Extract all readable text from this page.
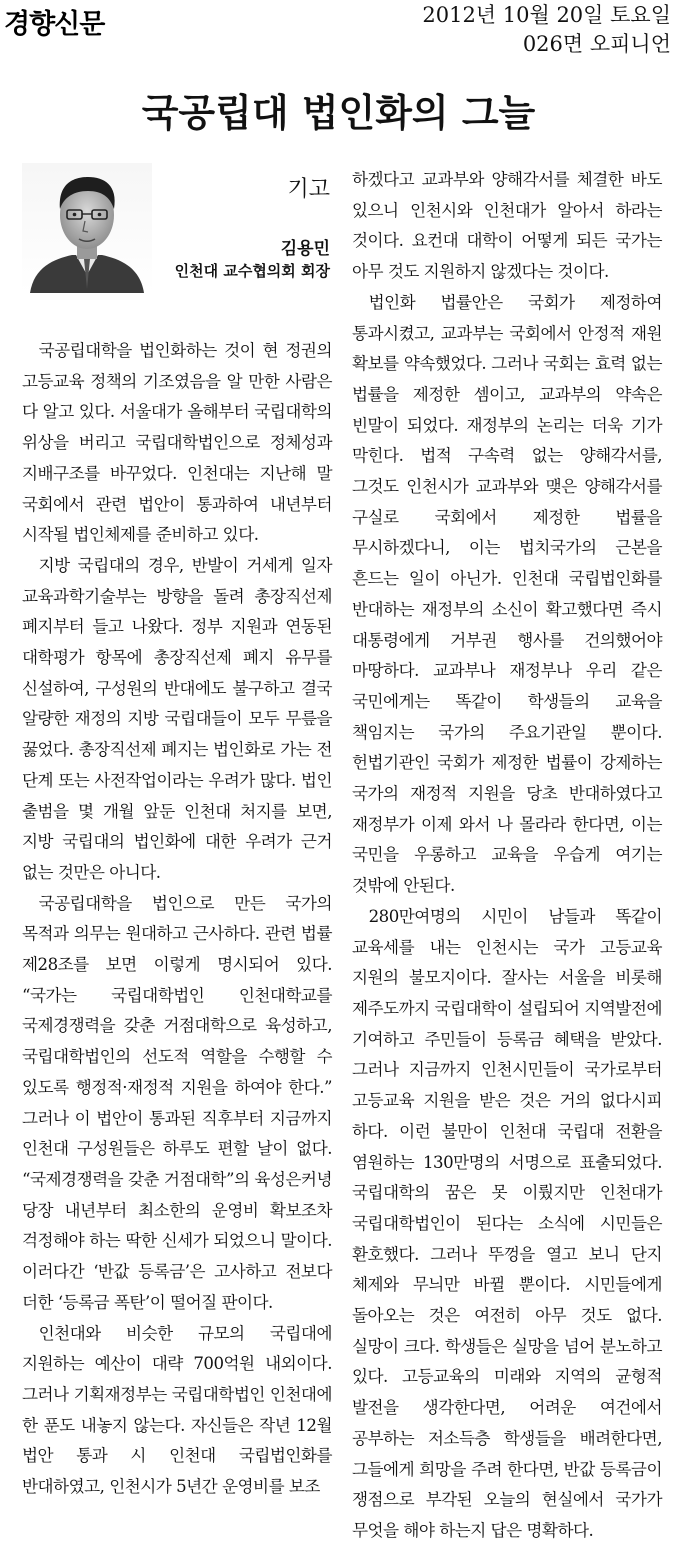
경향신문	2012년 10월 20일 토요일
026면 오피니언
국공립대 법인화의 그늘
기고
김용민
인천대 교수협의회 회장

국공립대학을 법인화하는 것이 현 정권의 고등교육 정책의 기조였음을 알 만한 사람은 다 알고 있다. 서울대가 올해부터 국립대학의 위상을 버리고 국립대학법인으로 정체성과 지배구조를 바꾸었다. 인천대는 지난해 말 국회에서 관련 법안이 통과하여 내년부터 시작될 법인체제를 준비하고 있다.

지방 국립대의 경우, 반발이 거세게 일자 교육과학기술부는 방향을 돌려 총장직선제 폐지부터 들고 나왔다. 정부 지원과 연동된 대학평가 항목에 총장직선제 폐지 유무를 신설하여, 구성원의 반대에도 불구하고 결국 알량한 재정의 지방 국립대들이 모두 무릎을 꿇었다. 총장직선제 폐지는 법인화로 가는 전 단계 또는 사전작업이라는 우려가 많다. 법인 출범을 몇 개월 앞둔 인천대 처지를 보면, 지방 국립대의 법인화에 대한 우려가 근거 없는 것만은 아니다.

국공립대학을 법인으로 만든 국가의 목적과 의무는 원대하고 근사하다. 관련 법률 제28조를 보면 이렇게 명시되어 있다. “국가는 국립대학법인 인천대학교를 국제경쟁력을 갖춘 거점대학으로 육성하고, 국립대학법인의 선도적 역할을 수행할 수 있도록 행정적·재정적 지원을 하여야 한다.” 그러나 이 법안이 통과된 직후부터 지금까지 인천대 구성원들은 하루도 편할 날이 없다. “국제경쟁력을 갖춘 거점대학”의 육성은커녕 당장 내년부터 최소한의 운영비 확보조차 걱정해야 하는 딱한 신세가 되었으니 말이다. 이러다간 ‘반값 등록금’은 고사하고 전보다 더한 ‘등록금 폭탄’이 떨어질 판이다.

인천대와 비슷한 규모의 국립대에 지원하는 예산이 대략 700억원 내외이다. 그러나 기획재정부는 국립대학법인 인천대에 한 푼도 내놓지 않는다. 자신들은 작년 12월 법안 통과 시 인천대 국립법인화를 반대하였고, 인천시가 5년간 운영비를 보조

하겠다고 교과부와 양해각서를 체결한 바도 있으니 인천시와 인천대가 알아서 하라는 것이다. 요컨대 대학이 어떻게 되든 국가는 아무 것도 지원하지 않겠다는 것이다.

법인화 법률안은 국회가 제정하여 통과시켰고, 교과부는 국회에서 안정적 재원 확보를 약속했었다. 그러나 국회는 효력 없는 법률을 제정한 셈이고, 교과부의 약속은 빈말이 되었다. 재정부의 논리는 더욱 기가 막힌다. 법적 구속력 없는 양해각서를, 그것도 인천시가 교과부와 맺은 양해각서를 구실로 국회에서 제정한 법률을 무시하겠다니, 이는 법치국가의 근본을 흔드는 일이 아닌가. 인천대 국립법인화를 반대하는 재정부의 소신이 확고했다면 즉시 대통령에게 거부권 행사를 건의했어야 마땅하다. 교과부나 재정부나 우리 같은 국민에게는 똑같이 학생들의 교육을 책임지는 국가의 주요기관일 뿐이다. 헌법기관인 국회가 제정한 법률이 강제하는 국가의 재정적 지원을 당초 반대하였다고 재정부가 이제 와서 나 몰라라 한다면, 이는 국민을 우롱하고 교육을 우습게 여기는 것밖에 안된다.

280만여명의 시민이 남들과 똑같이 교육세를 내는 인천시는 국가 고등교육 지원의 불모지이다. 잘사는 서울을 비롯해 제주도까지 국립대학이 설립되어 지역발전에 기여하고 주민들이 등록금 혜택을 받았다. 그러나 지금까지 인천시민들이 국가로부터 고등교육 지원을 받은 것은 거의 없다시피 하다. 이런 불만이 인천대 국립대 전환을 염원하는 130만명의 서명으로 표출되었다. 국립대학의 꿈은 못 이뤘지만 인천대가 국립대학법인이 된다는 소식에 시민들은 환호했다. 그러나 뚜껑을 열고 보니 단지 체제와 무늬만 바뀔 뿐이다. 시민들에게 돌아오는 것은 여전히 아무 것도 없다. 실망이 크다. 학생들은 실망을 넘어 분노하고 있다. 고등교육의 미래와 지역의 균형적 발전을 생각한다면, 어려운 여건에서 공부하는 저소득층 학생들을 배려한다면, 그들에게 희망을 주려 한다면, 반값 등록금이 쟁점으로 부각된 오늘의 현실에서 국가가 무엇을 해야 하는지 답은 명확하다.
